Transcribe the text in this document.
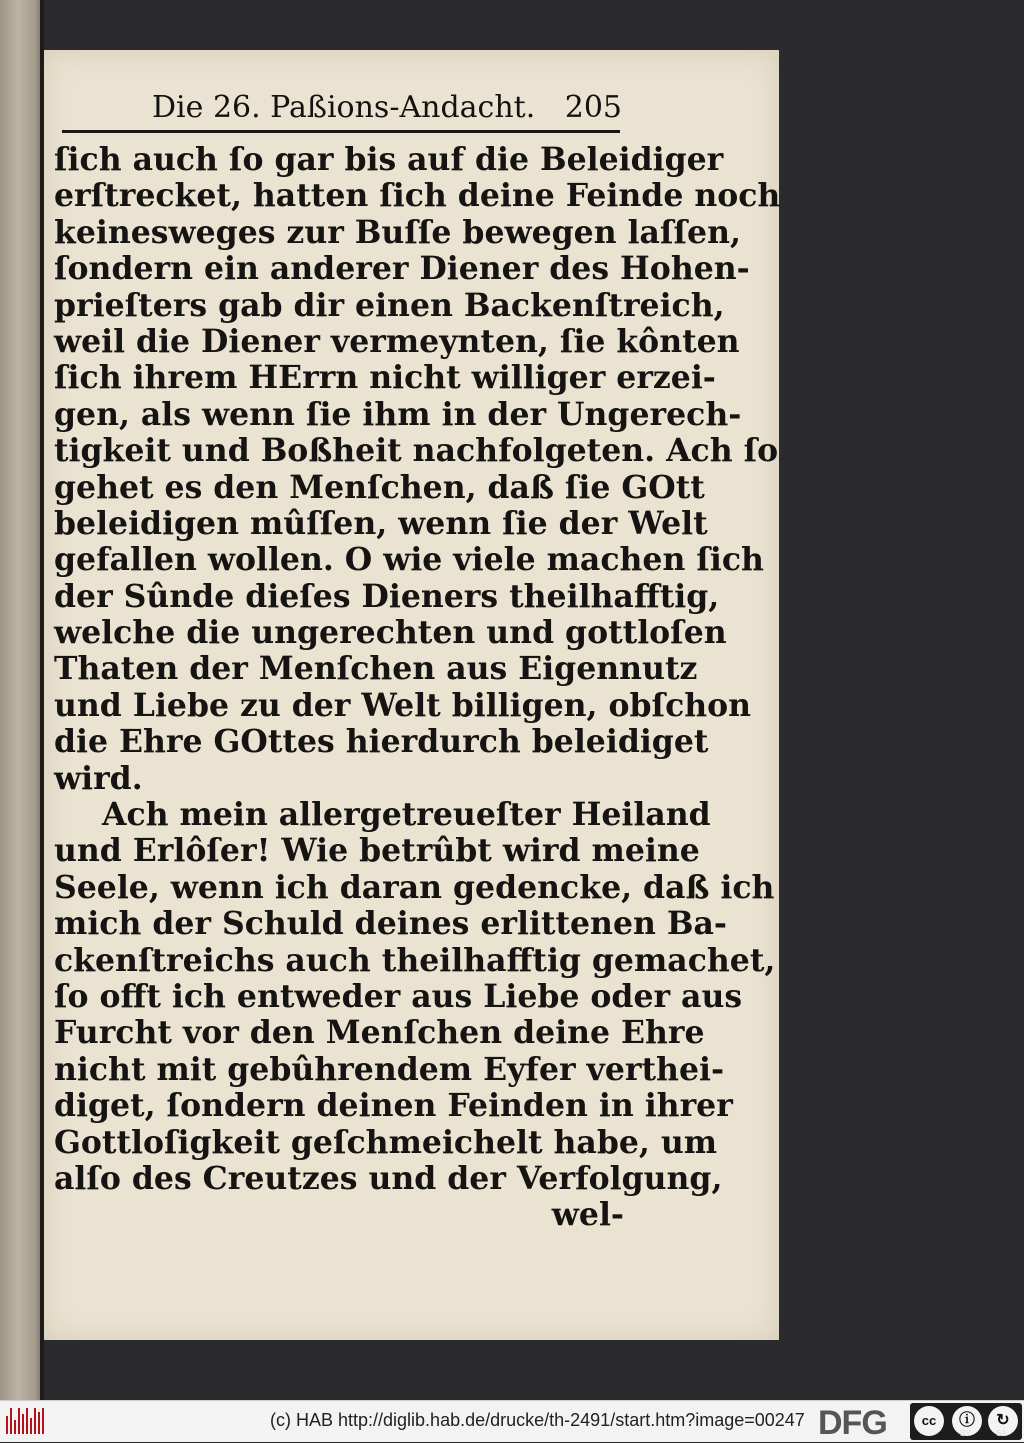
Die 26. Paßions-Andacht. 205
ſich auch ſo gar bis auf die Beleidiger
erſtrecket, hatten ſich deine Feinde noch
keinesweges zur Buſſe bewegen laſſen,
ſondern ein anderer Diener des Hohen-
prieſters gab dir einen Backenſtreich,
weil die Diener vermeynten, ſie kônten
ſich ihrem HErrn nicht williger erzei-
gen, als wenn ſie ihm in der Ungerech-
tigkeit und Boßheit nachfolgeten. Ach ſo
gehet es den Menſchen, daß ſie GOtt
beleidigen mûſſen, wenn ſie der Welt
gefallen wollen. O wie viele machen ſich
der Sûnde dieſes Dieners theilhafftig,
welche die ungerechten und gottloſen
Thaten der Menſchen aus Eigennutz
und Liebe zu der Welt billigen, obſchon
die Ehre GOttes hierdurch beleidiget
wird.
Ach mein allergetreueſter Heiland
und Erlôſer! Wie betrûbt wird meine
Seele, wenn ich daran gedencke, daß ich
mich der Schuld deines erlittenen Ba-
ckenſtreichs auch theilhafftig gemachet,
ſo offt ich entweder aus Liebe oder aus
Furcht vor den Menſchen deine Ehre
nicht mit gebûhrendem Eyfer verthei-
diget, ſondern deinen Feinden in ihrer
Gottloſigkeit geſchmeichelt habe, um
alſo des Creutzes und der Verfolgung,
wel-
(c) HAB http://diglib.hab.de/drucke/th-2491/start.htm?image=00247 DFG	cc	ⓘ	↻
BY	SA
